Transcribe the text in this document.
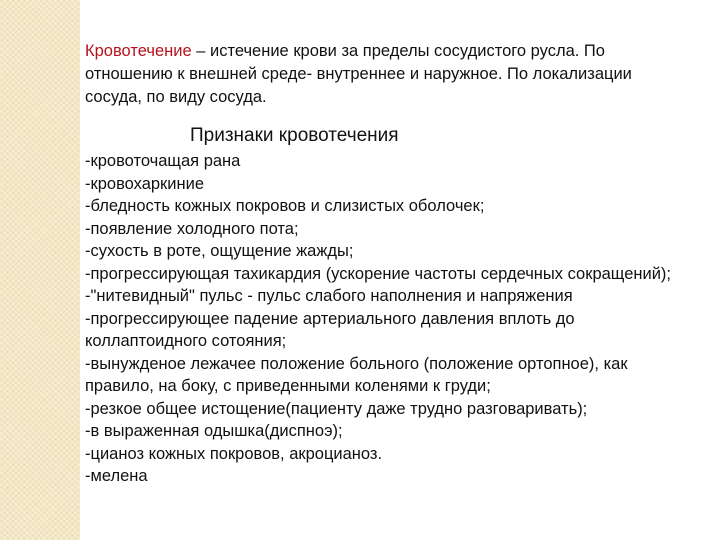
Кровотечение – истечение крови за пределы сосудистого русла. По отношению к внешней среде- внутреннее и наружное. По локализации сосуда, по виду сосуда.

Признаки кровотечения
-кровоточащая рана
-кровохаркиние
-бледность кожных покровов и слизистых оболочек;
-появление холодного пота;
-сухость в роте, ощущение жажды;
-прогрессирующая тахикардия (ускорение частоты сердечных сокращений);
-"нитевидный" пульс - пульс слабого наполнения и напряжения
-прогрессирующее падение артериального давления вплоть до коллаптоидного сотояния;
-вынужденое лежачее положение больного (положение ортопное), как правило, на боку, с приведенными коленями к груди;
-резкое общее истощение(пациенту даже трудно разговаривать);
-в выраженная одышка(диспноэ);
-цианоз кожных покровов, акроцианоз.
-мелена
